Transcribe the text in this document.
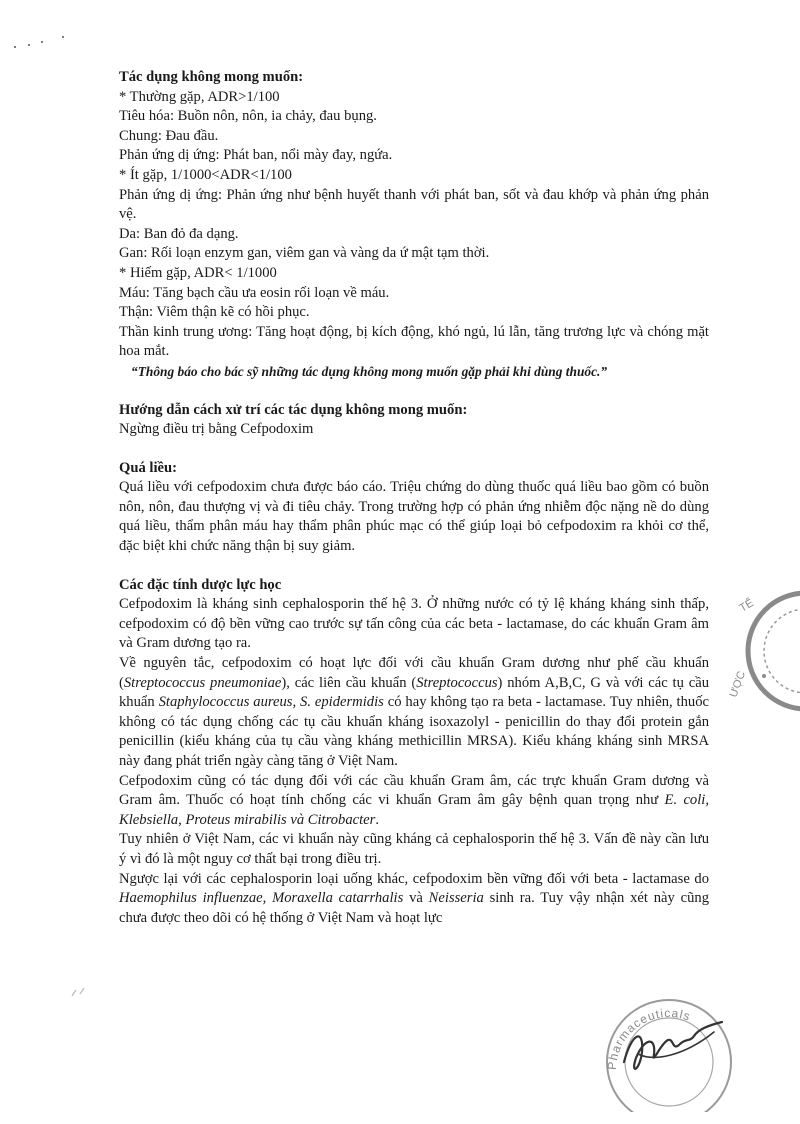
Tác dụng không mong muốn:

* Thường gặp, ADR>1/100

Tiêu hóa: Buồn nôn, nôn, ia chảy, đau bụng.

Chung: Đau đầu.

Phản ứng dị ứng: Phát ban, nổi mày đay, ngứa.

* Ít gặp, 1/1000<ADR<1/100

Phản ứng dị ứng: Phản ứng như bệnh huyết thanh với phát ban, sốt và đau khớp và phản ứng phản vệ.

Da: Ban đỏ đa dạng.

Gan: Rối loạn enzym gan, viêm gan và vàng da ứ mật tạm thời.

* Hiếm gặp, ADR< 1/1000

Máu: Tăng bạch cầu ưa eosin rối loạn về máu.

Thận: Viêm thận kẽ có hồi phục.

Thần kinh trung ương: Tăng hoạt động, bị kích động, khó ngủ, lú lẫn, tăng trương lực và chóng mặt hoa mắt.

“Thông báo cho bác sỹ những tác dụng không mong muốn gặp phải khi dùng thuốc.”

Hướng dẫn cách xử trí các tác dụng không mong muốn:

Ngừng điều trị bằng Cefpodoxim

Quá liều:

Quá liều với cefpodoxim chưa được báo cáo. Triệu chứng do dùng thuốc quá liều bao gồm có buồn nôn, nôn, đau thượng vị và đi tiêu chảy. Trong trường hợp có phản ứng nhiễm độc nặng nề do dùng quá liều, thẩm phân máu hay thẩm phân phúc mạc có thể giúp loại bỏ cefpodoxim ra khỏi cơ thể, đặc biệt khi chức năng thận bị suy giảm.

Các đặc tính dược lực học

Cefpodoxim là kháng sinh cephalosporin thế hệ 3. Ở những nước có tỷ lệ kháng kháng sinh thấp, cefpodoxim có độ bền vững cao trước sự tấn công của các beta - lactamase, do các khuẩn Gram âm và Gram dương tạo ra.

Về nguyên tắc, cefpodoxim có hoạt lực đối với cầu khuẩn Gram dương như phế cầu khuẩn (Streptococcus pneumoniae), các liên cầu khuẩn (Streptococcus) nhóm A,B,C, G và với các tụ cầu khuẩn Staphylococcus aureus, S. epidermidis có hay không tạo ra beta - lactamase. Tuy nhiên, thuốc không có tác dụng chống các tụ cầu khuẩn kháng isoxazolyl - penicillin do thay đổi protein gắn penicillin (kiểu kháng của tụ cầu vàng kháng methicillin MRSA). Kiểu kháng kháng sinh MRSA này đang phát triển ngày càng tăng ở Việt Nam.

Cefpodoxim cũng có tác dụng đối với các cầu khuẩn Gram âm, các trực khuẩn Gram dương và Gram âm. Thuốc có hoạt tính chống các vi khuẩn Gram âm gây bệnh quan trọng như E. coli, Klebsiella, Proteus mirabilis và Citrobacter.

Tuy nhiên ở Việt Nam, các vi khuẩn này cũng kháng cả cephalosporin thế hệ 3. Vấn đề này cần lưu ý vì đó là một nguy cơ thất bại trong điều trị.

Ngược lại với các cephalosporin loại uống khác, cefpodoxim bền vững đối với beta - lactamase do Haemophilus influenzae, Moraxella catarrhalis và Neisseria sinh ra. Tuy vậy nhận xét này cũng chưa được theo dõi có hệ thống ở Việt Nam và hoạt lực

TẾ
ƯỢC
Pharmaceuticals
